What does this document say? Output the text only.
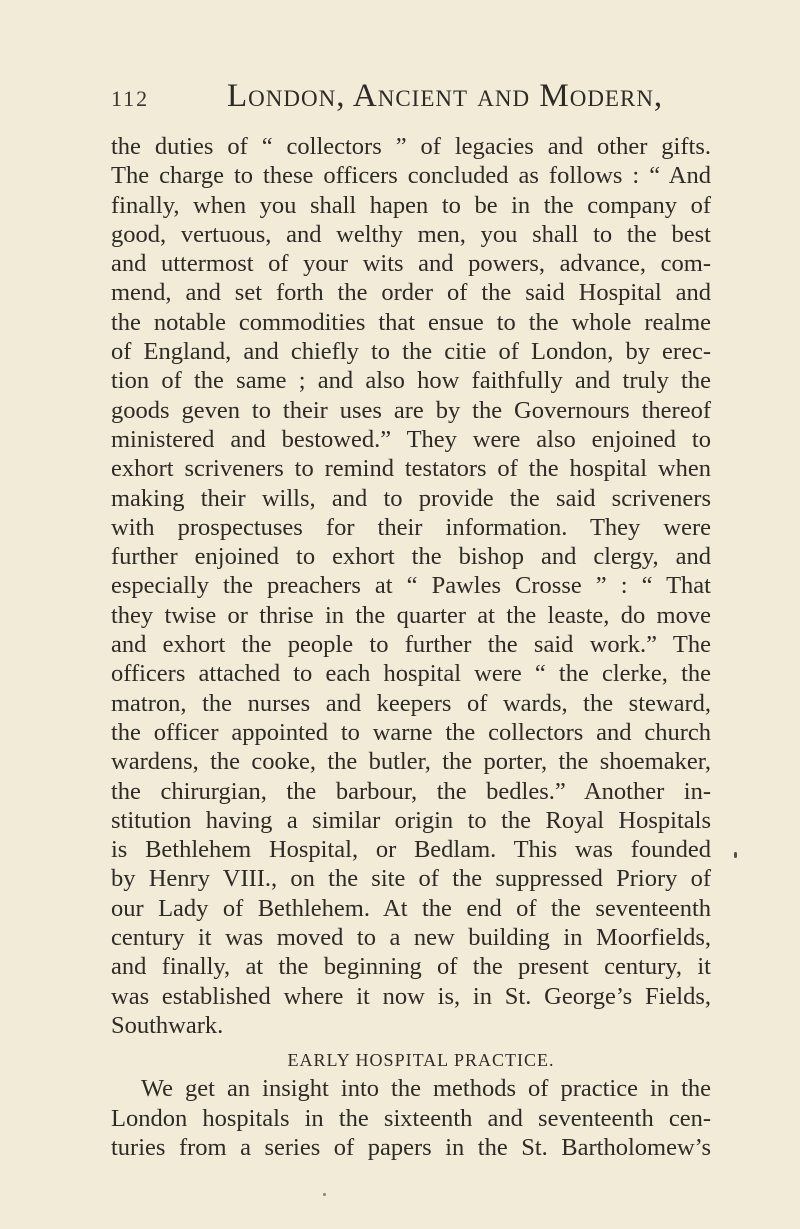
112 London, Ancient and Modern,
the duties of “ collectors ” of legacies and other gifts.
The charge to these officers concluded as follows : “ And
finally, when you shall hapen to be in the company of
good, vertuous, and welthy men, you shall to the best
and uttermost of your wits and powers, advance, com-
mend, and set forth the order of the said Hospital and
the notable commodities that ensue to the whole realme
of England, and chiefly to the citie of London, by erec-
tion of the same ; and also how faithfully and truly the
goods geven to their uses are by the Governours thereof
ministered and bestowed.” They were also enjoined to
exhort scriveners to remind testators of the hospital when
making their wills, and to provide the said scriveners
with prospectuses for their information. They were
further enjoined to exhort the bishop and clergy, and
especially the preachers at “ Pawles Crosse ” : “ That
they twise or thrise in the quarter at the leaste, do move
and exhort the people to further the said work.” The
officers attached to each hospital were “ the clerke, the
matron, the nurses and keepers of wards, the steward,
the officer appointed to warne the collectors and church
wardens, the cooke, the butler, the porter, the shoemaker,
the chirurgian, the barbour, the bedles.” Another in-
stitution having a similar origin to the Royal Hospitals
is Bethlehem Hospital, or Bedlam. This was founded
by Henry VIII., on the site of the suppressed Priory of
our Lady of Bethlehem. At the end of the seventeenth
century it was moved to a new building in Moorfields,
and finally, at the beginning of the present century, it
was established where it now is, in St. George’s Fields,
Southwark.
EARLY HOSPITAL PRACTICE.
We get an insight into the methods of practice in the
London hospitals in the sixteenth and seventeenth cen-
turies from a series of papers in the St. Bartholomew’s
